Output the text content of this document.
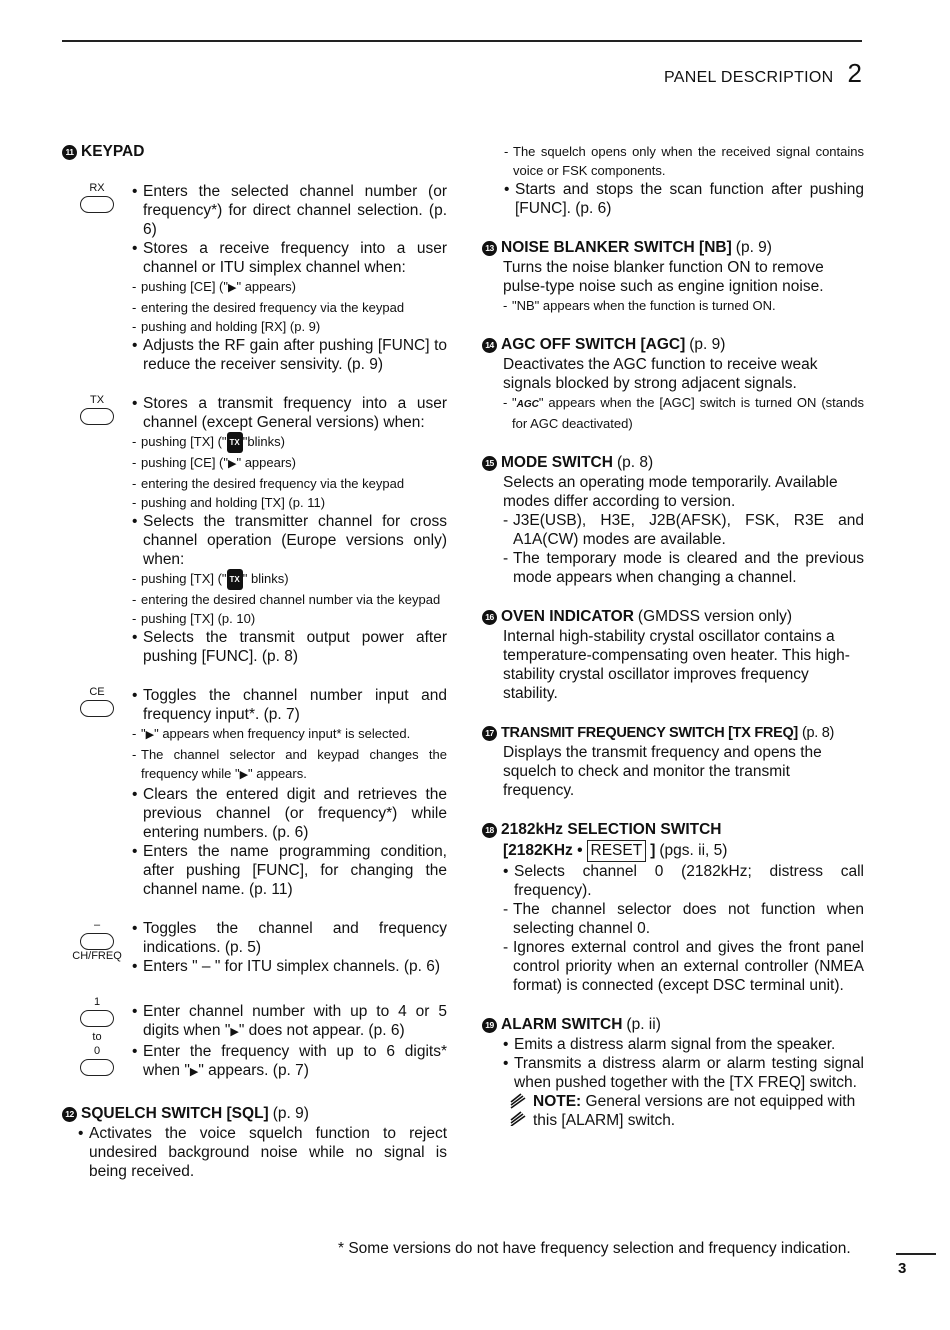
PANEL DESCRIPTION 2
11 KEYPAD
RX	• Enters the selected channel number (or frequency*) for direct channel selection. (p. 6)
• Stores a receive frequency into a user channel or ITU simplex channel when:
- pushing [CE] ("▶" appears)
- entering the desired frequency via the keypad
- pushing and holding [RX] (p. 9)
• Adjusts the RF gain after pushing [FUNC] to reduce the receiver sensivity. (p. 9)
TX	• Stores a transmit frequency into a user channel (except General versions) when:
- pushing [TX] (" TX "blinks)
- pushing [CE] ("▶" appears)
- entering the desired frequency via the keypad
- pushing and holding [TX] (p. 11)
• Selects the transmitter channel for cross channel operation (Europe versions only) when:
- pushing [TX] (" TX " blinks)
- entering the desired channel number via the keypad
- pushing [TX] (p. 10)
• Selects the transmit output power after pushing [FUNC]. (p. 8)
CE	• Toggles the channel number input and frequency input*. (p. 7)
- "▶" appears when frequency input* is selected.
- The channel selector and keypad changes the frequency while "▶" appears.
• Clears the entered digit and retrieves the previous channel (or frequency*) while entering numbers. (p. 6)
• Enters the name programming condition, after pushing [FUNC], for changing the channel name. (p. 11)
–
CH/FREQ
• Toggles the channel and frequency indications. (p. 5)
• Enters " – " for ITU simplex channels. (p. 6)
1
to
0
• Enter channel number with up to 4 or 5 digits when "▶" does not appear. (p. 6)
• Enter the frequency with up to 6 digits* when "▶" appears. (p. 7)
12 SQUELCH SWITCH [SQL] (p. 9)
• Activates the voice squelch function to reject undesired background noise while no signal is being received.
- The squelch opens only when the received signal contains voice or FSK components.
• Starts and stops the scan function after pushing [FUNC]. (p. 6)
13 NOISE BLANKER SWITCH [NB] (p. 9)
Turns the noise blanker function ON to remove pulse-type noise such as engine ignition noise.
- "NB" appears when the function is turned ON.
14 AGC OFF SWITCH [AGC] (p. 9)
Deactivates the AGC function to receive weak signals blocked by strong adjacent signals.
- "AGC" appears when the [AGC] switch is turned ON (stands for AGC deactivated)
15 MODE SWITCH (p. 8)
Selects an operating mode temporarily. Available modes differ according to version.
- J3E(USB), H3E, J2B(AFSK), FSK, R3E and A1A(CW) modes are available.
- The temporary mode is cleared and the previous mode appears when changing a channel.
16 OVEN INDICATOR (GMDSS version only)
Internal high-stability crystal oscillator contains a temperature-compensating oven heater. This high-stability crystal oscillator improves frequency stability.
17 TRANSMIT FREQUENCY SWITCH [TX FREQ] (p. 8)
Displays the transmit frequency and opens the squelch to check and monitor the transmit frequency.
18 2182kHz SELECTION SWITCH
[2182KHz • RESET ] (pgs. ii, 5)
• Selects channel 0 (2182kHz; distress call frequency).
- The channel selector does not function when selecting channel 0.
- Ignores external control and gives the front panel control priority when an external controller (NMEA format) is connected (except DSC terminal unit).
19 ALARM SWITCH (p. ii)
• Emits a distress alarm signal from the speaker.
• Transmits a distress alarm or alarm testing signal when pushed together with the [TX FREQ] switch.
NOTE: General versions are not equipped with this [ALARM] switch.
* Some versions do not have frequency selection and frequency indication.
3
